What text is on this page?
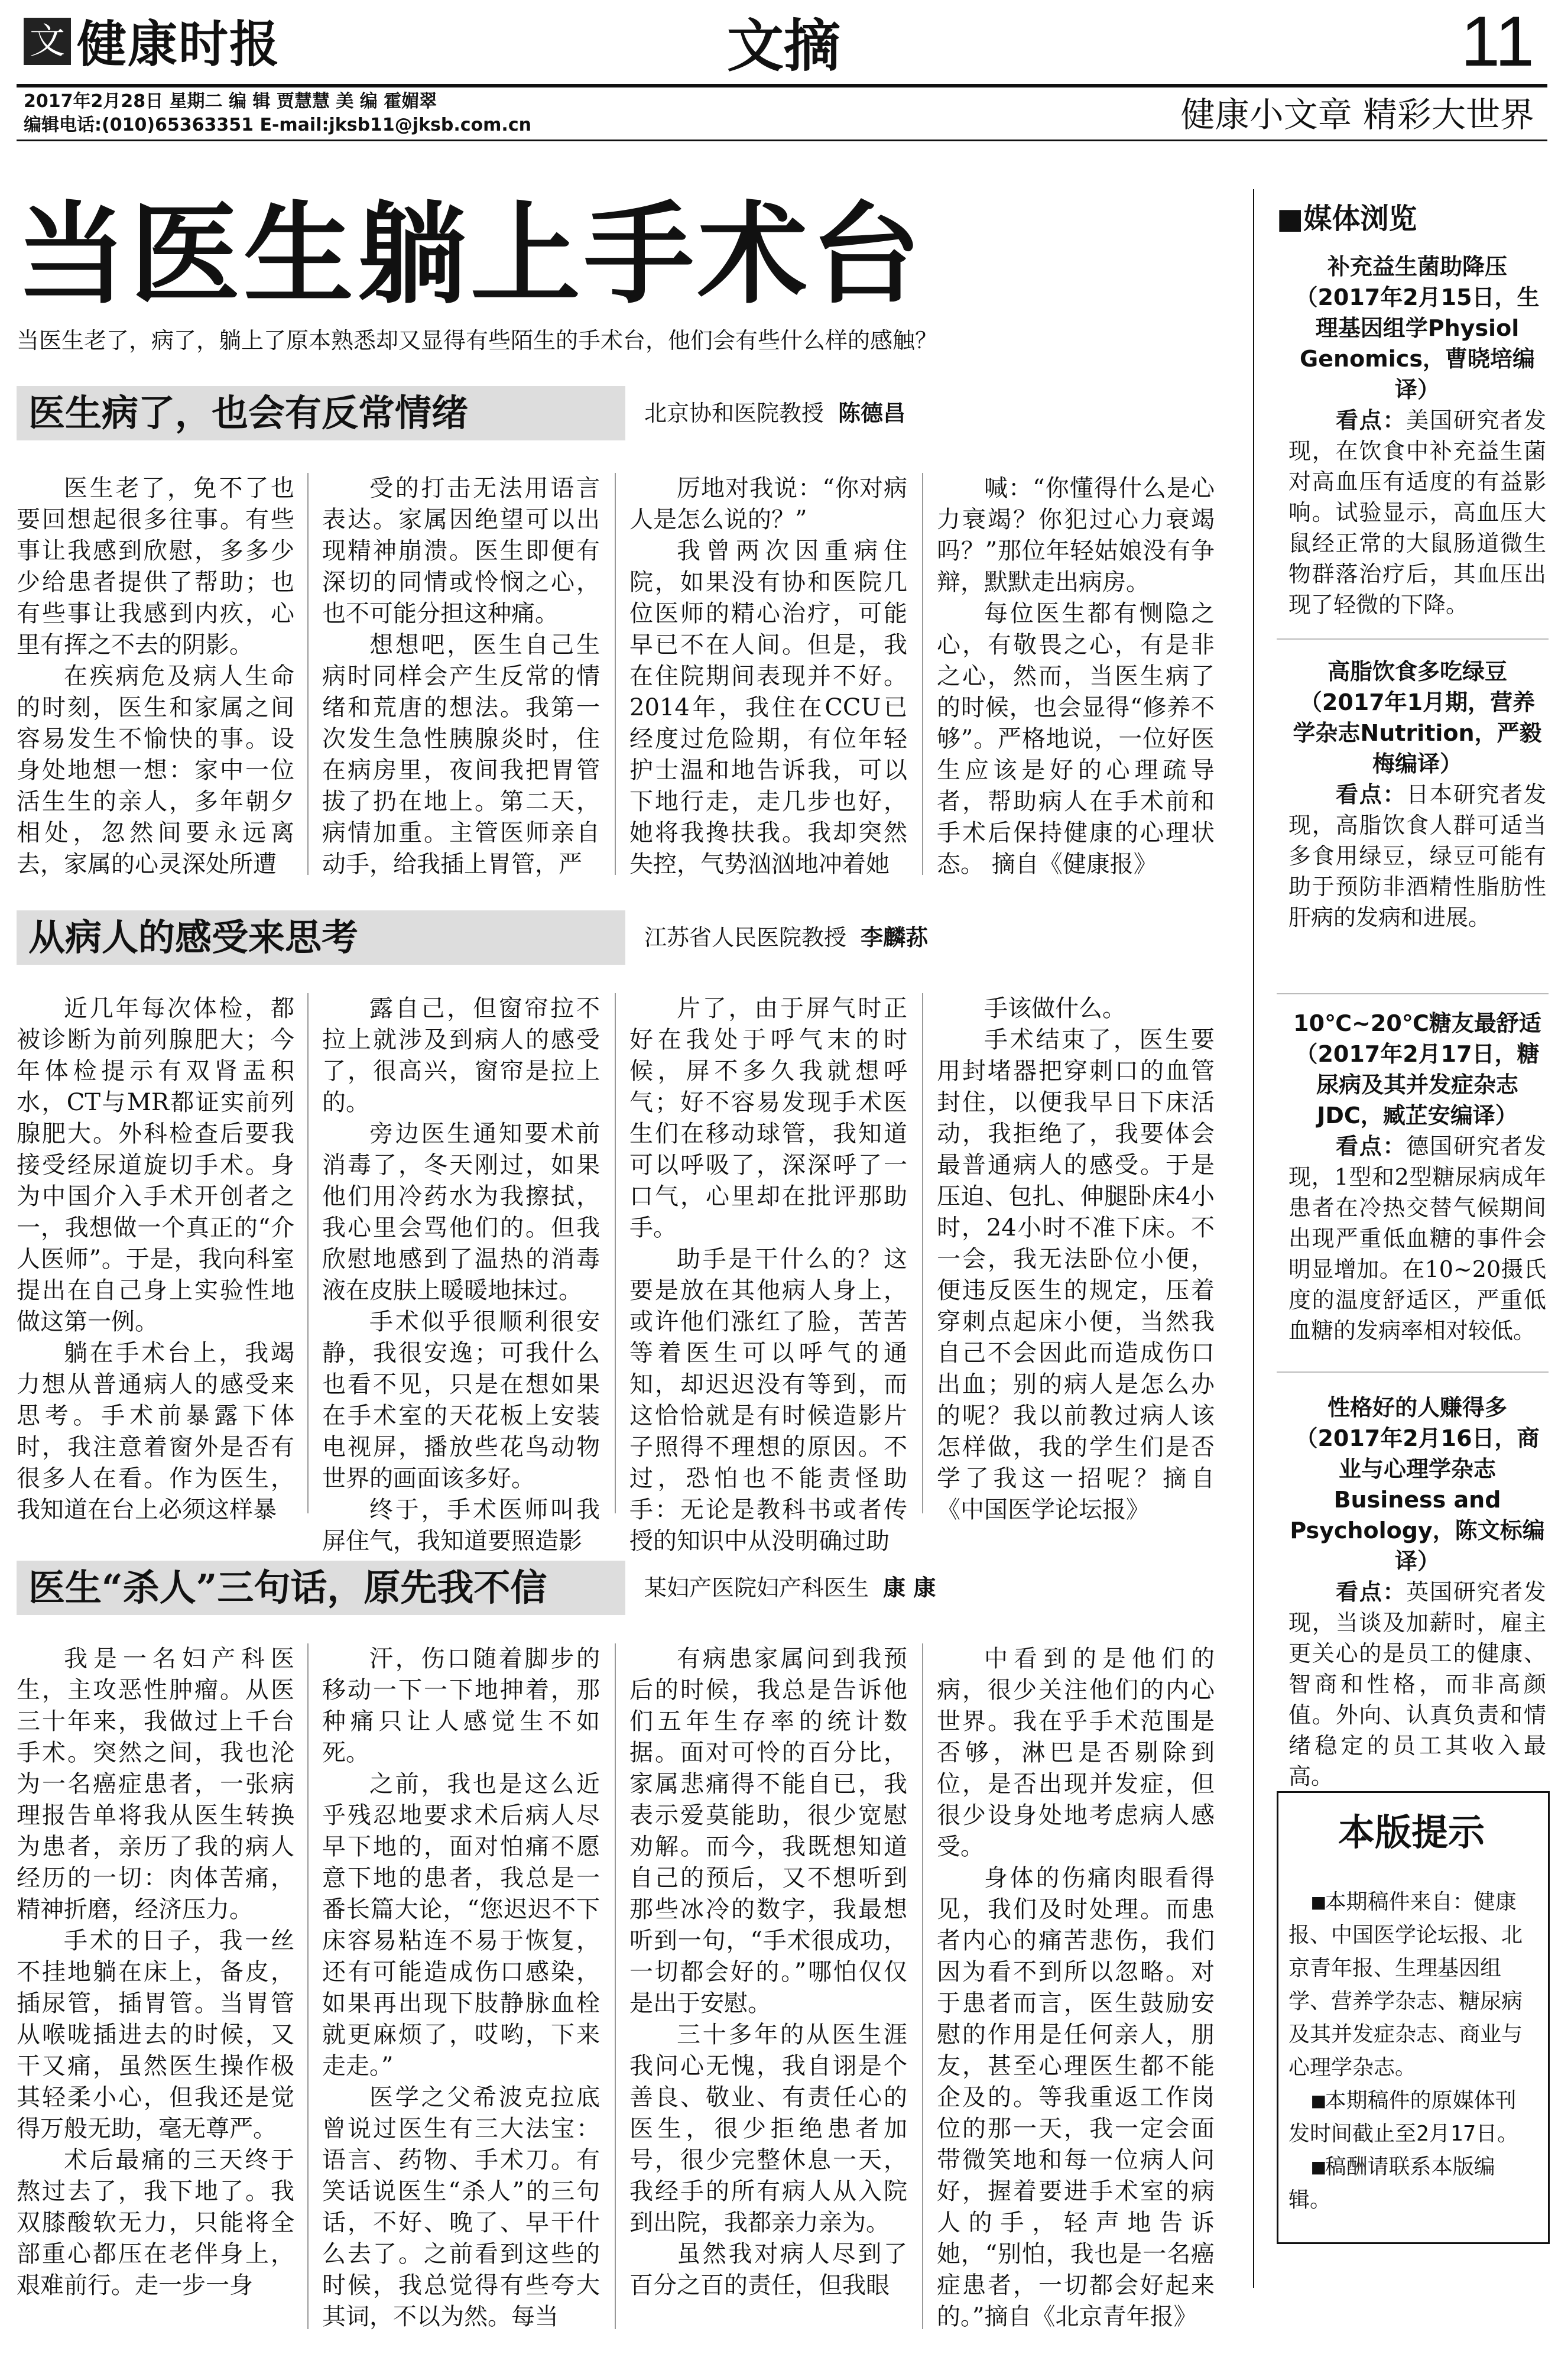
文 健康时报	文摘	11
2017年2月28日 星期二 编 辑 贾慧慧 美 编 霍媚翠
编辑电话:(010)65363351 E-mail:jksb11@jksb.com.cn	健康小文章 精彩大世界
当医生躺上手术台
当医生老了，病了，躺上了原本熟悉却又显得有些陌生的手术台，他们会有些什么样的感触？
医生病了，也会有反常情绪	北京协和医院教授 陈德昌

医生老了，免不了也要回想起很多往事。有些事让我感到欣慰，多多少少给患者提供了帮助；也有些事让我感到内疚，心里有挥之不去的阴影。

在疾病危及病人生命的时刻，医生和家属之间容易发生不愉快的事。设身处地想一想：家中一位活生生的亲人，多年朝夕相处，忽然间要永远离去，家属的心灵深处所遭

受的打击无法用语言表达。家属因绝望可以出现精神崩溃。医生即便有深切的同情或怜悯之心，也不可能分担这种痛。

想想吧，医生自己生病时同样会产生反常的情绪和荒唐的想法。我第一次发生急性胰腺炎时，住在病房里，夜间我把胃管拔了扔在地上。第二天，病情加重。主管医师亲自动手，给我插上胃管，严

厉地对我说：“你对病人是怎么说的？”

我曾两次因重病住院，如果没有协和医院几位医师的精心治疗，可能早已不在人间。但是，我在住院期间表现并不好。2014年，我住在CCU已经度过危险期，有位年轻护士温和地告诉我，可以下地行走，走几步也好，她将我搀扶我。我却突然失控，气势汹汹地冲着她

喊：“你懂得什么是心力衰竭？你犯过心力衰竭吗？”那位年轻姑娘没有争辩，默默走出病房。

每位医生都有恻隐之心，有敬畏之心，有是非之心，然而，当医生病了的时候，也会显得“修养不够”。严格地说，一位好医生应该是好的心理疏导者，帮助病人在手术前和手术后保持健康的心理状态。 摘自《健康报》

从病人的感受来思考	江苏省人民医院教授 李麟荪

近几年每次体检，都被诊断为前列腺肥大；今年体检提示有双肾盂积水，CT与MR都证实前列腺肥大。外科检查后要我接受经尿道旋切手术。身为中国介入手术开创者之一，我想做一个真正的“介人医师”。于是，我向科室提出在自己身上实验性地做这第一例。

躺在手术台上，我竭力想从普通病人的感受来思考。手术前暴露下体时，我注意着窗外是否有很多人在看。作为医生，我知道在台上必须这样暴

露自己，但窗帘拉不拉上就涉及到病人的感受了，很高兴，窗帘是拉上的。

旁边医生通知要术前消毒了，冬天刚过，如果他们用冷药水为我擦拭，我心里会骂他们的。但我欣慰地感到了温热的消毒液在皮肤上暖暖地抹过。

手术似乎很顺利很安静，我很安逸；可我什么也看不见，只是在想如果在手术室的天花板上安装电视屏，播放些花鸟动物世界的画面该多好。

终于，手术医师叫我屏住气，我知道要照造影

片了，由于屏气时正好在我处于呼气末的时候，屏不多久我就想呼气；好不容易发现手术医生们在移动球管，我知道可以呼吸了，深深呼了一口气，心里却在批评那助手。

助手是干什么的？这要是放在其他病人身上，或许他们涨红了脸，苦苦等着医生可以呼气的通知，却迟迟没有等到，而这恰恰就是有时候造影片子照得不理想的原因。不过，恐怕也不能责怪助手：无论是教科书或者传授的知识中从没明确过助

手该做什么。

手术结束了，医生要用封堵器把穿刺口的血管封住，以便我早日下床活动，我拒绝了，我要体会最普通病人的感受。于是压迫、包扎、伸腿卧床4小时，24小时不准下床。不一会，我无法卧位小便，便违反医生的规定，压着穿刺点起床小便，当然我自己不会因此而造成伤口出血；别的病人是怎么办的呢？我以前教过病人该怎样做，我的学生们是否学了我这一招呢？摘自《中国医学论坛报》

医生“杀人”三句话，原先我不信	某妇产医院妇产科医生 康 康

我是一名妇产科医生，主攻恶性肿瘤。从医三十年来，我做过上千台手术。突然之间，我也沦为一名癌症患者，一张病理报告单将我从医生转换为患者，亲历了我的病人经历的一切：肉体苦痛，精神折磨，经济压力。

手术的日子，我一丝不挂地躺在床上，备皮，插尿管，插胃管。当胃管从喉咙插进去的时候，又干又痛，虽然医生操作极其轻柔小心，但我还是觉得万般无助，毫无尊严。

术后最痛的三天终于熬过去了，我下地了。我双膝酸软无力，只能将全部重心都压在老伴身上，艰难前行。走一步一身

汗，伤口随着脚步的移动一下一下地抻着，那种痛只让人感觉生不如死。

之前，我也是这么近乎残忍地要求术后病人尽早下地的，面对怕痛不愿意下地的患者，我总是一番长篇大论，“您迟迟不下床容易粘连不易于恢复，还有可能造成伤口感染，如果再出现下肢静脉血栓就更麻烦了，哎哟，下来走走。”

医学之父希波克拉底曾说过医生有三大法宝：语言、药物、手术刀。有笑话说医生“杀人”的三句话，不好、晚了、早干什么去了。之前看到这些的时候，我总觉得有些夸大其词，不以为然。每当

有病患家属问到我预后的时候，我总是告诉他们五年生存率的统计数据。面对可怜的百分比，家属悲痛得不能自已，我表示爱莫能助，很少宽慰劝解。而今，我既想知道自己的预后，又不想听到那些冰冷的数字，我最想听到一句，“手术很成功，一切都会好的。”哪怕仅仅是出于安慰。

三十多年的从医生涯我问心无愧，我自诩是个善良、敬业、有责任心的医生，很少拒绝患者加号，很少完整休息一天，我经手的所有病人从入院到出院，我都亲力亲为。

虽然我对病人尽到了百分之百的责任，但我眼

中看到的是他们的病，很少关注他们的内心世界。我在乎手术范围是否够，淋巴是否剔除到位，是否出现并发症，但很少设身处地考虑病人感受。

身体的伤痛肉眼看得见，我们及时处理。而患者内心的痛苦悲伤，我们因为看不到所以忽略。对于患者而言，医生鼓励安慰的作用是任何亲人，朋友，甚至心理医生都不能企及的。等我重返工作岗位的那一天，我一定会面带微笑地和每一位病人问好，握着要进手术室的病人的手，轻声地告诉她，“别怕，我也是一名癌症患者，一切都会好起来的。”摘自《北京青年报》

■媒体浏览
补充益生菌助降压（2017年2月15日，生理基因组学Physiol Genomics，曹晓培编译）

看点：美国研究者发现，在饮食中补充益生菌对高血压有适度的有益影响。试验显示，高血压大鼠经正常的大鼠肠道微生物群落治疗后，其血压出现了轻微的下降。

高脂饮食多吃绿豆（2017年1月期，营养学杂志Nutrition，严毅梅编译）

看点：日本研究者发现，高脂饮食人群可适当多食用绿豆，绿豆可能有助于预防非酒精性脂肪性肝病的发病和进展。

10℃~20℃糖友最舒适（2017年2月17日，糖尿病及其并发症杂志JDC，臧芷安编译）

看点：德国研究者发现，1型和2型糖尿病成年患者在冷热交替气候期间出现严重低血糖的事件会明显增加。在10~20摄氏度的温度舒适区，严重低血糖的发病率相对较低。

性格好的人赚得多（2017年2月16日，商业与心理学杂志Business and Psychology，陈文标编译）

看点：英国研究者发现，当谈及加薪时，雇主更关心的是员工的健康、智商和性格，而非高颜值。外向、认真负责和情绪稳定的员工其收入最高。

本版提示

■本期稿件来自：健康报、中国医学论坛报、北京青年报、生理基因组学、营养学杂志、糖尿病及其并发症杂志、商业与心理学杂志。

■本期稿件的原媒体刊发时间截止至2月17日。

■稿酬请联系本版编辑。
